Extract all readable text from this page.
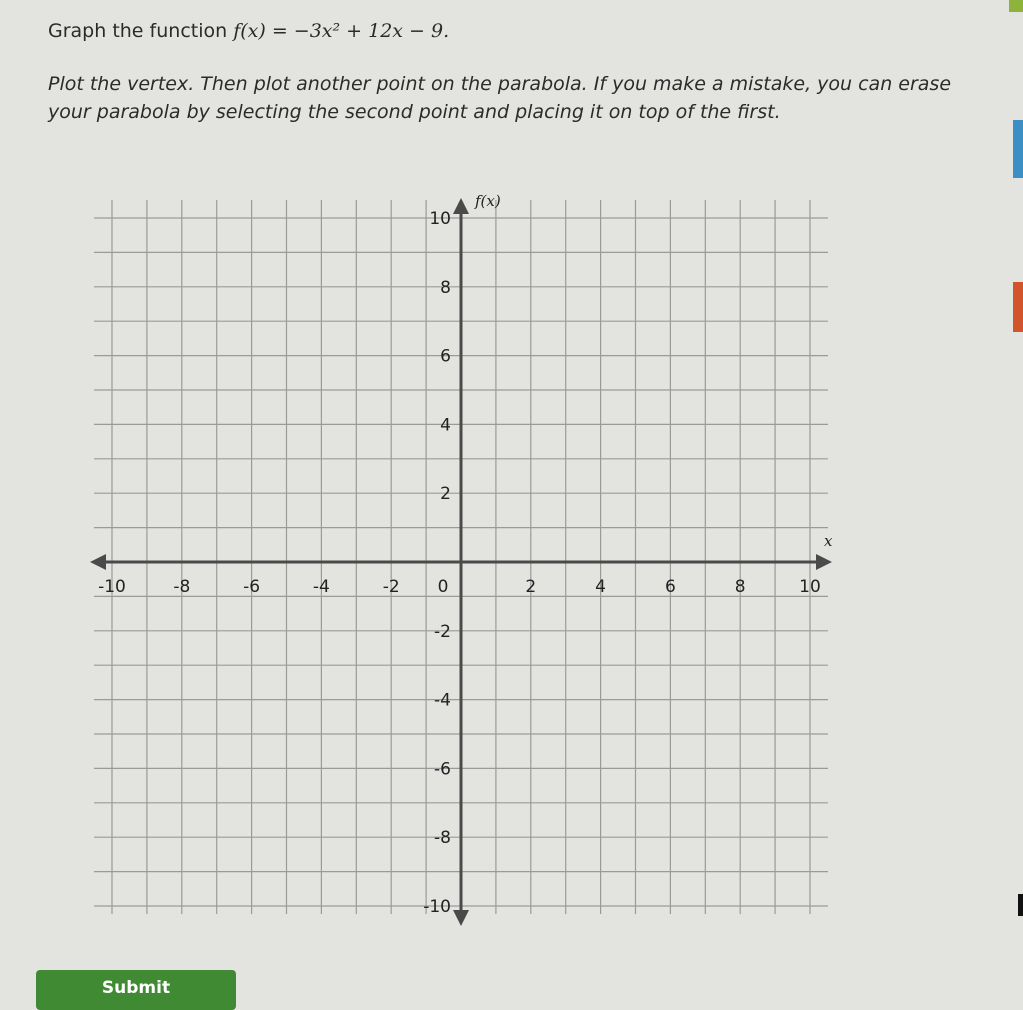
Graph the function f(x) = −3x² + 12x − 9.

Plot the vertex. Then plot another point on the parabola. If you make a mistake, you can erase your parabola by selecting the second point and placing it on top of the first.

-10	-8	-6	-4	-2 0	2	4	6	8	10
10
8
6
4
2
-2
-4
-6
-8
-10
x
f(x)
Submit
